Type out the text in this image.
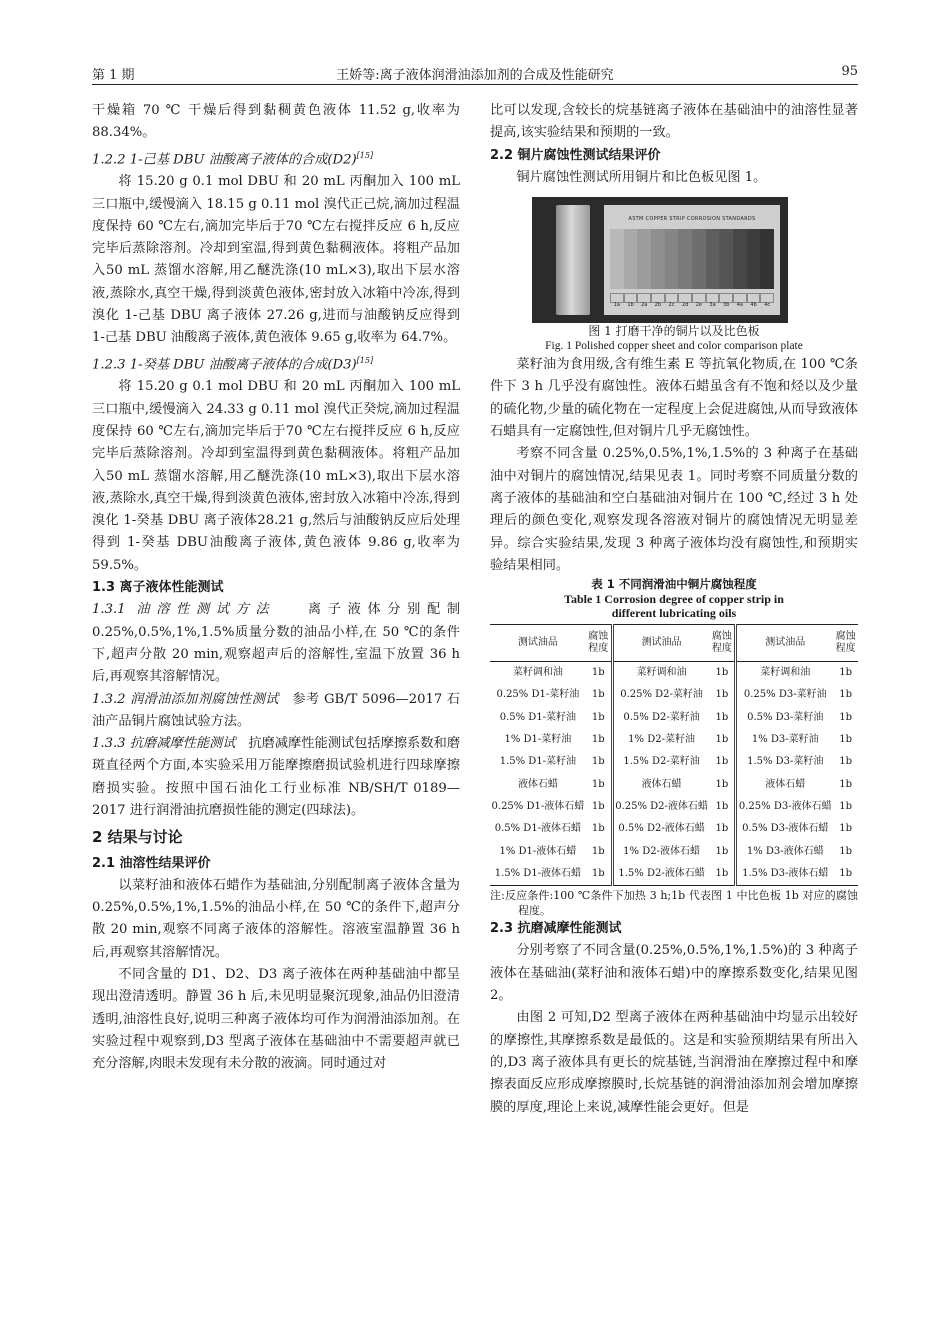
第 1 期	王娇等:离子液体润滑油添加剂的合成及性能研究	95

干燥箱 70 ℃ 干燥后得到黏稠黄色液体 11.52 g,收率为 88.34%。

1.2.2 1-己基 DBU 油酸离子液体的合成(D2)[15]

将 15.20 g 0.1 mol DBU 和 20 mL 丙酮加入 100 mL 三口瓶中,缓慢滴入 18.15 g 0.11 mol 溴代正己烷,滴加过程温度保持 60 ℃左右,滴加完毕后于70 ℃左右搅拌反应 6 h,反应完毕后蒸除溶剂。冷却到室温,得到黄色黏稠液体。将粗产品加入50 mL 蒸馏水溶解,用乙醚洗涤(10 mL×3),取出下层水溶液,蒸除水,真空干燥,得到淡黄色液体,密封放入冰箱中冷冻,得到溴化 1-己基 DBU 离子液体 27.26 g,进而与油酸钠反应得到 1-己基 DBU 油酸离子液体,黄色液体 9.65 g,收率为 64.7%。

1.2.3 1-癸基 DBU 油酸离子液体的合成(D3)[15]

将 15.20 g 0.1 mol DBU 和 20 mL 丙酮加入 100 mL 三口瓶中,缓慢滴入 24.33 g 0.11 mol 溴代正癸烷,滴加过程温度保持 60 ℃左右,滴加完毕后于70 ℃左右搅拌反应 6 h,反应完毕后蒸除溶剂。冷却到室温得到黄色黏稠液体。将粗产品加入50 mL 蒸馏水溶解,用乙醚洗涤(10 mL×3),取出下层水溶液,蒸除水,真空干燥,得到淡黄色液体,密封放入冰箱中冷冻,得到溴化 1-癸基 DBU 离子液体28.21 g,然后与油酸钠反应后处理得到 1-癸基 DBU油酸离子液体,黄色液体 9.86 g,收率为 59.5%。

1.3 离子液体性能测试

1.3.1 油溶性测试方法 离子液体分别配制 0.25%,0.5%,1%,1.5%质量分数的油品小样,在 50 ℃的条件下,超声分散 20 min,观察超声后的溶解性,室温下放置 36 h 后,再观察其溶解情况。

1.3.2 润滑油添加剂腐蚀性测试 参考 GB/T 5096—2017 石油产品铜片腐蚀试验方法。

1.3.3 抗磨减摩性能测试 抗磨减摩性能测试包括摩擦系数和磨斑直径两个方面,本实验采用万能摩擦磨损试验机进行四球摩擦磨损实验。按照中国石油化工行业标准 NB/SH/T 0189—2017 进行润滑油抗磨损性能的测定(四球法)。

2 结果与讨论

2.1 油溶性结果评价

以菜籽油和液体石蜡作为基础油,分别配制离子液体含量为 0.25%,0.5%,1%,1.5%的油品小样,在 50 ℃的条件下,超声分散 20 min,观察不同离子液体的溶解性。溶液室温静置 36 h 后,再观察其溶解情况。

不同含量的 D1、D2、D3 离子液体在两种基础油中都呈现出澄清透明。静置 36 h 后,未见明显聚沉现象,油品仍旧澄清透明,油溶性良好,说明三种离子液体均可作为润滑油添加剂。在实验过程中观察到,D3 型离子液体在基础油中不需要超声就已充分溶解,肉眼未发现有未分散的液滴。同时通过对

比可以发现,含较长的烷基链离子液体在基础油中的油溶性显著提高,该实验结果和预期的一致。

2.2 铜片腐蚀性测试结果评价

铜片腐蚀性测试所用铜片和比色板见图 1。

ASTM COPPER STRIP CORROSION STANDARDS
1a	1b	2a	2b	2c	2d	2e	3a	3b	4a	4b	4c

图 1 打磨干净的铜片以及比色板

Fig. 1 Polished copper sheet and color comparison plate

菜籽油为食用级,含有维生素 E 等抗氧化物质,在 100 ℃条件下 3 h 几乎没有腐蚀性。液体石蜡虽含有不饱和烃以及少量的硫化物,少量的硫化物在一定程度上会促进腐蚀,从而导致液体石蜡具有一定腐蚀性,但对铜片几乎无腐蚀性。

考察不同含量 0.25%,0.5%,1%,1.5%的 3 种离子在基础油中对铜片的腐蚀情况,结果见表 1。同时考察不同质量分数的离子液体的基础油和空白基础油对铜片在 100 ℃,经过 3 h 处理后的颜色变化,观察发现各溶液对铜片的腐蚀情况无明显差异。综合实验结果,发现 3 种离子液体均没有腐蚀性,和预期实验结果相同。

表 1 不同润滑油中铜片腐蚀程度

Table 1 Corrosion degree of copper strip in

different lubricating oils

测试油品	腐蚀程度	测试油品	腐蚀程度	测试油品	腐蚀程度
菜籽调和油	1b	菜籽调和油	1b	菜籽调和油	1b
0.25% D1-菜籽油	1b	0.25% D2-菜籽油	1b	0.25% D3-菜籽油	1b
0.5% D1-菜籽油	1b	0.5% D2-菜籽油	1b	0.5% D3-菜籽油	1b
1% D1-菜籽油	1b	1% D2-菜籽油	1b	1% D3-菜籽油	1b
1.5% D1-菜籽油	1b	1.5% D2-菜籽油	1b	1.5% D3-菜籽油	1b
液体石蜡	1b	液体石蜡	1b	液体石蜡	1b
0.25% D1-液体石蜡	1b	0.25% D2-液体石蜡	1b	0.25% D3-液体石蜡	1b
0.5% D1-液体石蜡	1b	0.5% D2-液体石蜡	1b	0.5% D3-液体石蜡	1b
1% D1-液体石蜡	1b	1% D2-液体石蜡	1b	1% D3-液体石蜡	1b
1.5% D1-液体石蜡	1b	1.5% D2-液体石蜡	1b	1.5% D3-液体石蜡	1b

注:反应条件:100 ℃条件下加热 3 h;1b 代表图 1 中比色板 1b 对应的腐蚀程度。

2.3 抗磨减摩性能测试

分别考察了不同含量(0.25%,0.5%,1%,1.5%)的 3 种离子液体在基础油(菜籽油和液体石蜡)中的摩擦系数变化,结果见图 2。

由图 2 可知,D2 型离子液体在两种基础油中均显示出较好的摩擦性,其摩擦系数是最低的。这是和实验预期结果有所出入的,D3 离子液体具有更长的烷基链,当润滑油在摩擦过程中和摩擦表面反应形成摩擦膜时,长烷基链的润滑油添加剂会增加摩擦膜的厚度,理论上来说,减摩性能会更好。但是
